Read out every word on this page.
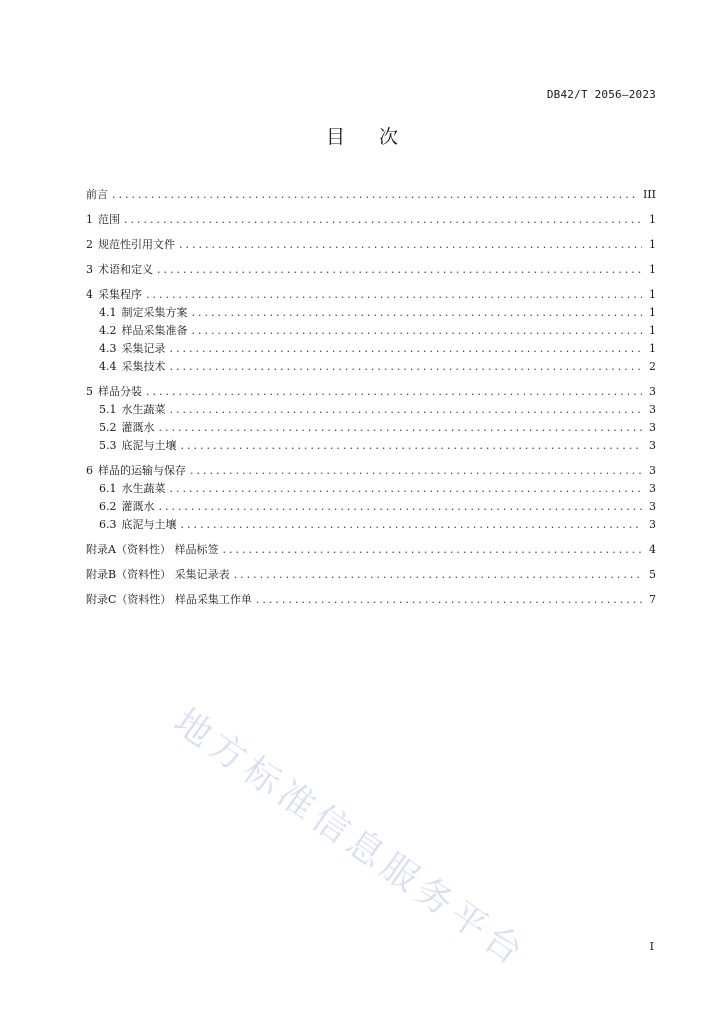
DB42/T 2056—2023
目次
前言 .....	III
1 范围 .....	1
2 规范性引用文件 .....	1
3 术语和定义 .....	1
4 采集程序 .....	1
4.1 制定采集方案 .....	1
4.2 样品采集准备 .....	1
4.3 采集记录 .....	1
4.4 采集技术 .....	2
5 样品分装 .....	3
5.1 水生蔬菜 .....	3
5.2 灌溉水 .....	3
5.3 底泥与土壤 .....	3
6 样品的运输与保存 .....	3
6.1 水生蔬菜 .....	3
6.2 灌溉水 .....	3
6.3 底泥与土壤 .....	3
附录A（资料性） 样品标签 .....	4
附录B（资料性） 采集记录表 .....	5
附录C（资料性） 样品采集工作单 .....	7
地方标准信息服务平台	I
